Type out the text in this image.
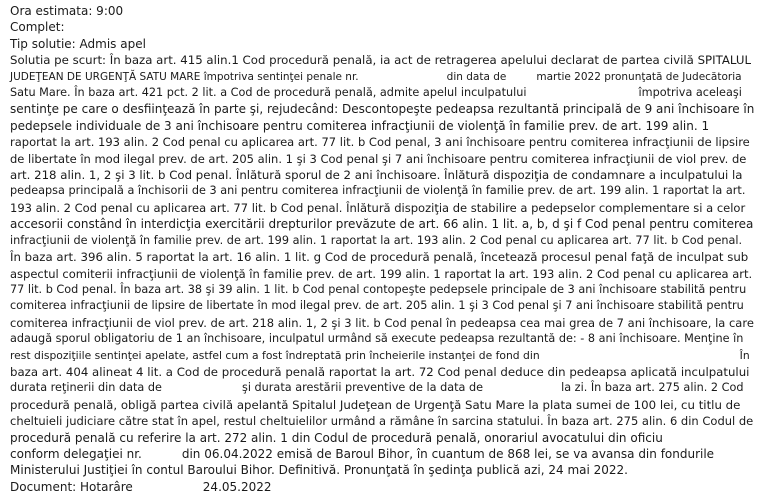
Ora estimata: 9:00
Complet:
Tip solutie: Admis apel
Solutia pe scurt: În baza art. 415 alin.1 Cod procedură penală, ia act de retragerea apelului declarat de partea civilă SPITALUL
JUDEŢEAN DE URGENŢĂ SATU MARE împotriva sentinţei penale nr.	din data de	martie 2022 pronunţată de Judecătoria
Satu Mare. În baza art. 421 pct. 2 lit. a Cod de procedură penală, admite apelul inculpatului	împotriva aceleaşi
sentinţe pe care o desfiinţează în parte şi, rejudecând: Descontopeşte pedeapsa rezultantă principală de 9 ani închisoare în
pedepsele individuale de 3 ani închisoare pentru comiterea infracţiunii de violenţă în familie prev. de art. 199 alin. 1
raportat la art. 193 alin. 2 Cod penal cu aplicarea art. 77 lit. b Cod penal, 3 ani închisoare pentru comiterea infracţiunii de lipsire
de libertate în mod ilegal prev. de art. 205 alin. 1 şi 3 Cod penal şi 7 ani închisoare pentru comiterea infracţiunii de viol prev. de
art. 218 alin. 1, 2 şi 3 lit. b Cod penal. Înlătură sporul de 2 ani închisoare. Înlătură dispoziţia de condamnare a inculpatului la
pedeapsa principală a închisorii de 3 ani pentru comiterea infracţiunii de violenţă în familie prev. de art. 199 alin. 1 raportat la art.
193 alin. 2 Cod penal cu aplicarea art. 77 lit. b Cod penal. Înlătură dispoziţia de stabilire a pedepselor complementare si a celor
accesorii constând în interdicţia exercitării drepturilor prevăzute de art. 66 alin. 1 lit. a, b, d şi f Cod penal pentru comiterea
infracţiunii de violenţă în familie prev. de art. 199 alin. 1 raportat la art. 193 alin. 2 Cod penal cu aplicarea art. 77 lit. b Cod penal.
În baza art. 396 alin. 5 raportat la art. 16 alin. 1 lit. g Cod de procedură penală, încetează procesul penal faţă de inculpat sub
aspectul comiterii infracţiunii de violenţă în familie prev. de art. 199 alin. 1 raportat la art. 193 alin. 2 Cod penal cu aplicarea art.
77 lit. b Cod penal. În baza art. 38 şi 39 alin. 1 lit. b Cod penal contopeşte pedepsele principale de 3 ani închisoare stabilită pentru
comiterea infracţiunii de lipsire de libertate în mod ilegal prev. de art. 205 alin. 1 şi 3 Cod penal şi 7 ani închisoare stabilită pentru
comiterea infracţiunii de viol prev. de art. 218 alin. 1, 2 şi 3 lit. b Cod penal în pedeapsa cea mai grea de 7 ani închisoare, la care
adaugă sporul obligatoriu de 1 an închisoare, inculpatul urmând să execute pedeapsa rezultantă de: - 8 ani închisoare. Menţine în
rest dispoziţiile sentinţei apelate, astfel cum a fost îndreptată prin încheierile instanţei de fond din	În
baza art. 404 alineat 4 lit. a Cod de procedură penală raportat la art. 72 Cod penal deduce din pedeapsa aplicată inculpatului
durata reţinerii din data de	şi durata arestării preventive de la data de	la zi. În baza art. 275 alin. 2 Cod
procedură penală, obligă partea civilă apelantă Spitalul Judeţean de Urgenţă Satu Mare la plata sumei de 100 lei, cu titlu de
cheltuieli judiciare către stat în apel, restul cheltuielilor urmând a rămâne în sarcina statului. În baza art. 275 alin. 6 din Codul de
procedură penală cu referire la art. 272 alin. 1 din Codul de procedură penală, onorariul avocatului din oficiu
conform delegaţiei nr.	din 06.04.2022 emisă de Baroul Bihor, în cuantum de 868 lei, se va avansa din fondurile
Ministerului Justiţiei în contul Baroului Bihor. Definitivă. Pronunţată în şedinţa publică azi, 24 mai 2022.
Document: Hotarâre	24.05.2022
